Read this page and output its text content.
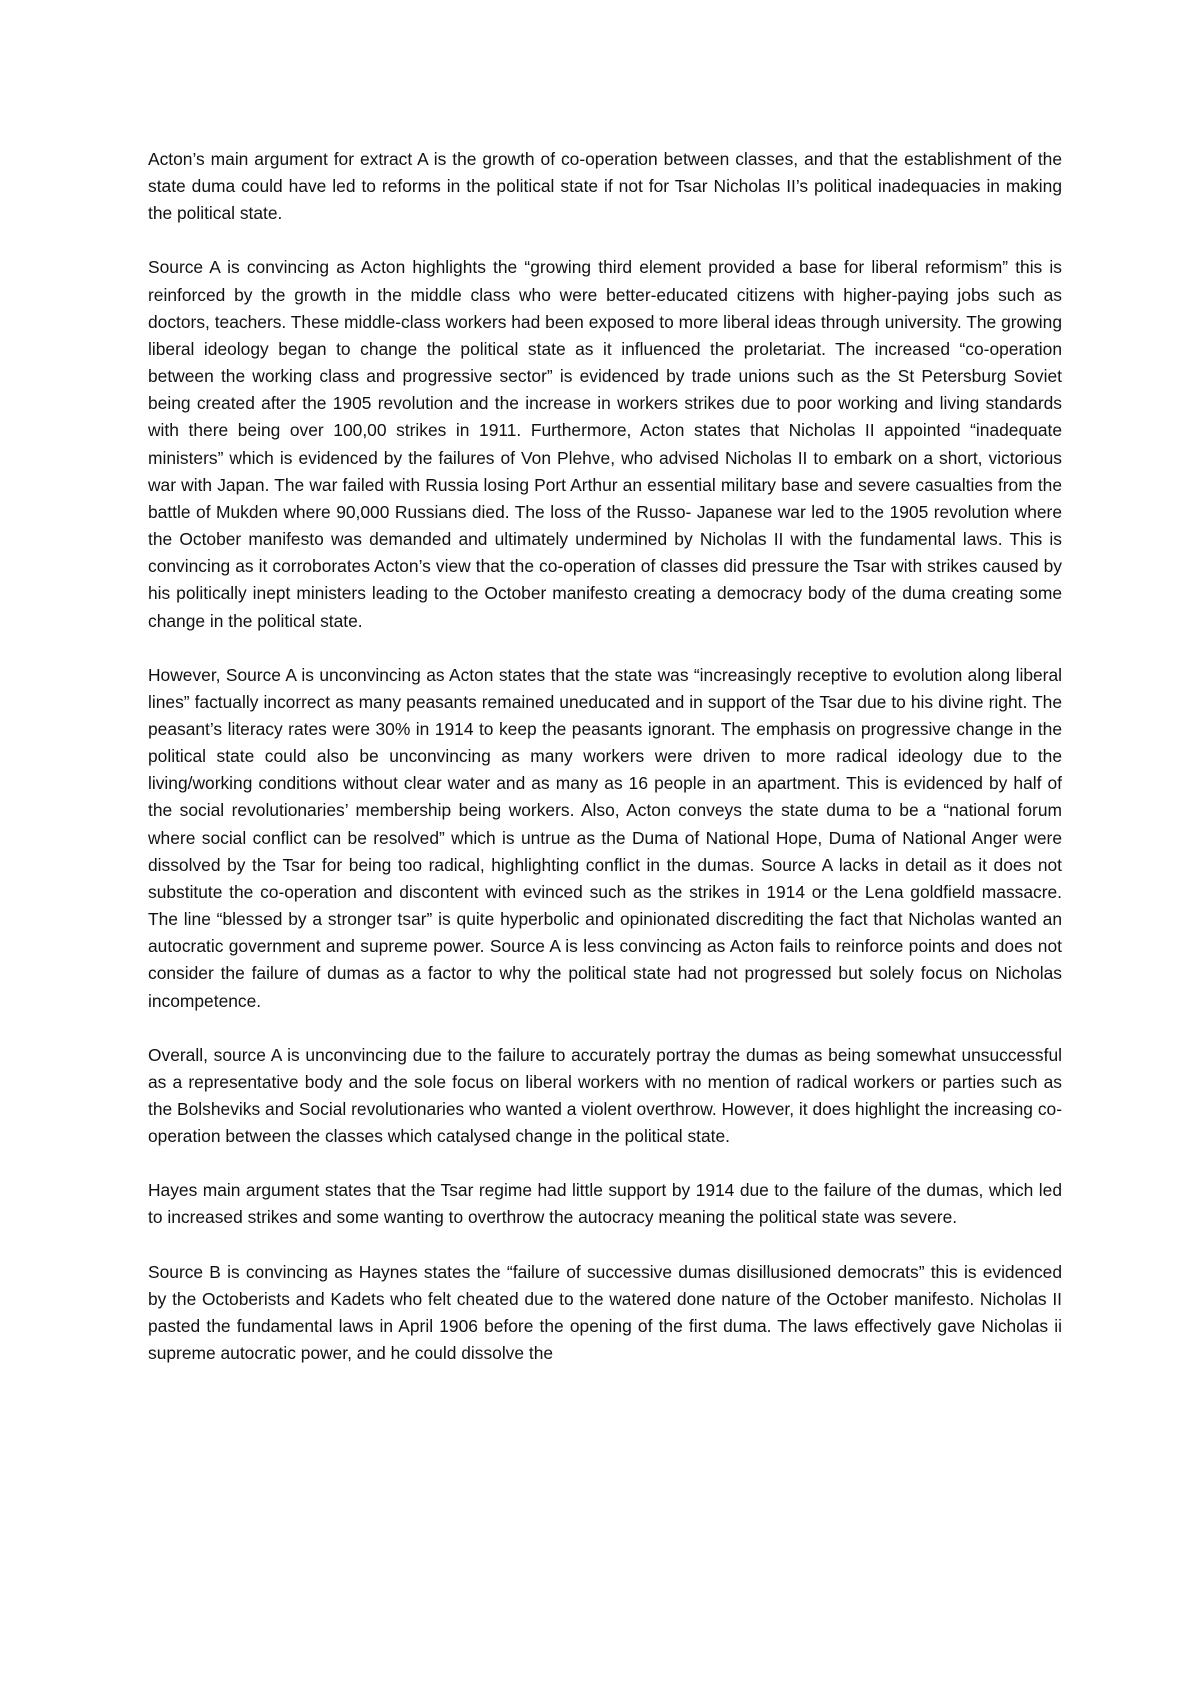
Acton’s main argument for extract A is the growth of co-operation between classes, and that the establishment of the state duma could have led to reforms in the political state if not for Tsar Nicholas II’s political inadequacies in making the political state.

Source A is convincing as Acton highlights the “growing third element provided a base for liberal reformism” this is reinforced by the growth in the middle class who were better-educated citizens with higher-paying jobs such as doctors, teachers. These middle-class workers had been exposed to more liberal ideas through university. The growing liberal ideology began to change the political state as it influenced the proletariat. The increased “co-operation between the working class and progressive sector” is evidenced by trade unions such as the St Petersburg Soviet being created after the 1905 revolution and the increase in workers strikes due to poor working and living standards with there being over 100,00 strikes in 1911. Furthermore, Acton states that Nicholas II appointed “inadequate ministers” which is evidenced by the failures of Von Plehve, who advised Nicholas II to embark on a short, victorious war with Japan. The war failed with Russia losing Port Arthur an essential military base and severe casualties from the battle of Mukden where 90,000 Russians died. The loss of the Russo- Japanese war led to the 1905 revolution where the October manifesto was demanded and ultimately undermined by Nicholas II with the fundamental laws. This is convincing as it corroborates Acton’s view that the co-operation of classes did pressure the Tsar with strikes caused by his politically inept ministers leading to the October manifesto creating a democracy body of the duma creating some change in the political state.

However, Source A is unconvincing as Acton states that the state was “increasingly receptive to evolution along liberal lines” factually incorrect as many peasants remained uneducated and in support of the Tsar due to his divine right. The peasant’s literacy rates were 30% in 1914 to keep the peasants ignorant. The emphasis on progressive change in the political state could also be unconvincing as many workers were driven to more radical ideology due to the living/working conditions without clear water and as many as 16 people in an apartment. This is evidenced by half of the social revolutionaries’ membership being workers. Also, Acton conveys the state duma to be a “national forum where social conflict can be resolved” which is untrue as the Duma of National Hope, Duma of National Anger were dissolved by the Tsar for being too radical, highlighting conflict in the dumas. Source A lacks in detail as it does not substitute the co-operation and discontent with evinced such as the strikes in 1914 or the Lena goldfield massacre. The line “blessed by a stronger tsar” is quite hyperbolic and opinionated discrediting the fact that Nicholas wanted an autocratic government and supreme power. Source A is less convincing as Acton fails to reinforce points and does not consider the failure of dumas as a factor to why the political state had not progressed but solely focus on Nicholas incompetence.

Overall, source A is unconvincing due to the failure to accurately portray the dumas as being somewhat unsuccessful as a representative body and the sole focus on liberal workers with no mention of radical workers or parties such as the Bolsheviks and Social revolutionaries who wanted a violent overthrow. However, it does highlight the increasing co-operation between the classes which catalysed change in the political state.

Hayes main argument states that the Tsar regime had little support by 1914 due to the failure of the dumas, which led to increased strikes and some wanting to overthrow the autocracy meaning the political state was severe.

Source B is convincing as Haynes states the “failure of successive dumas disillusioned democrats” this is evidenced by the Octoberists and Kadets who felt cheated due to the watered done nature of the October manifesto. Nicholas II pasted the fundamental laws in April 1906 before the opening of the first duma. The laws effectively gave Nicholas ii supreme autocratic power, and he could dissolve the
